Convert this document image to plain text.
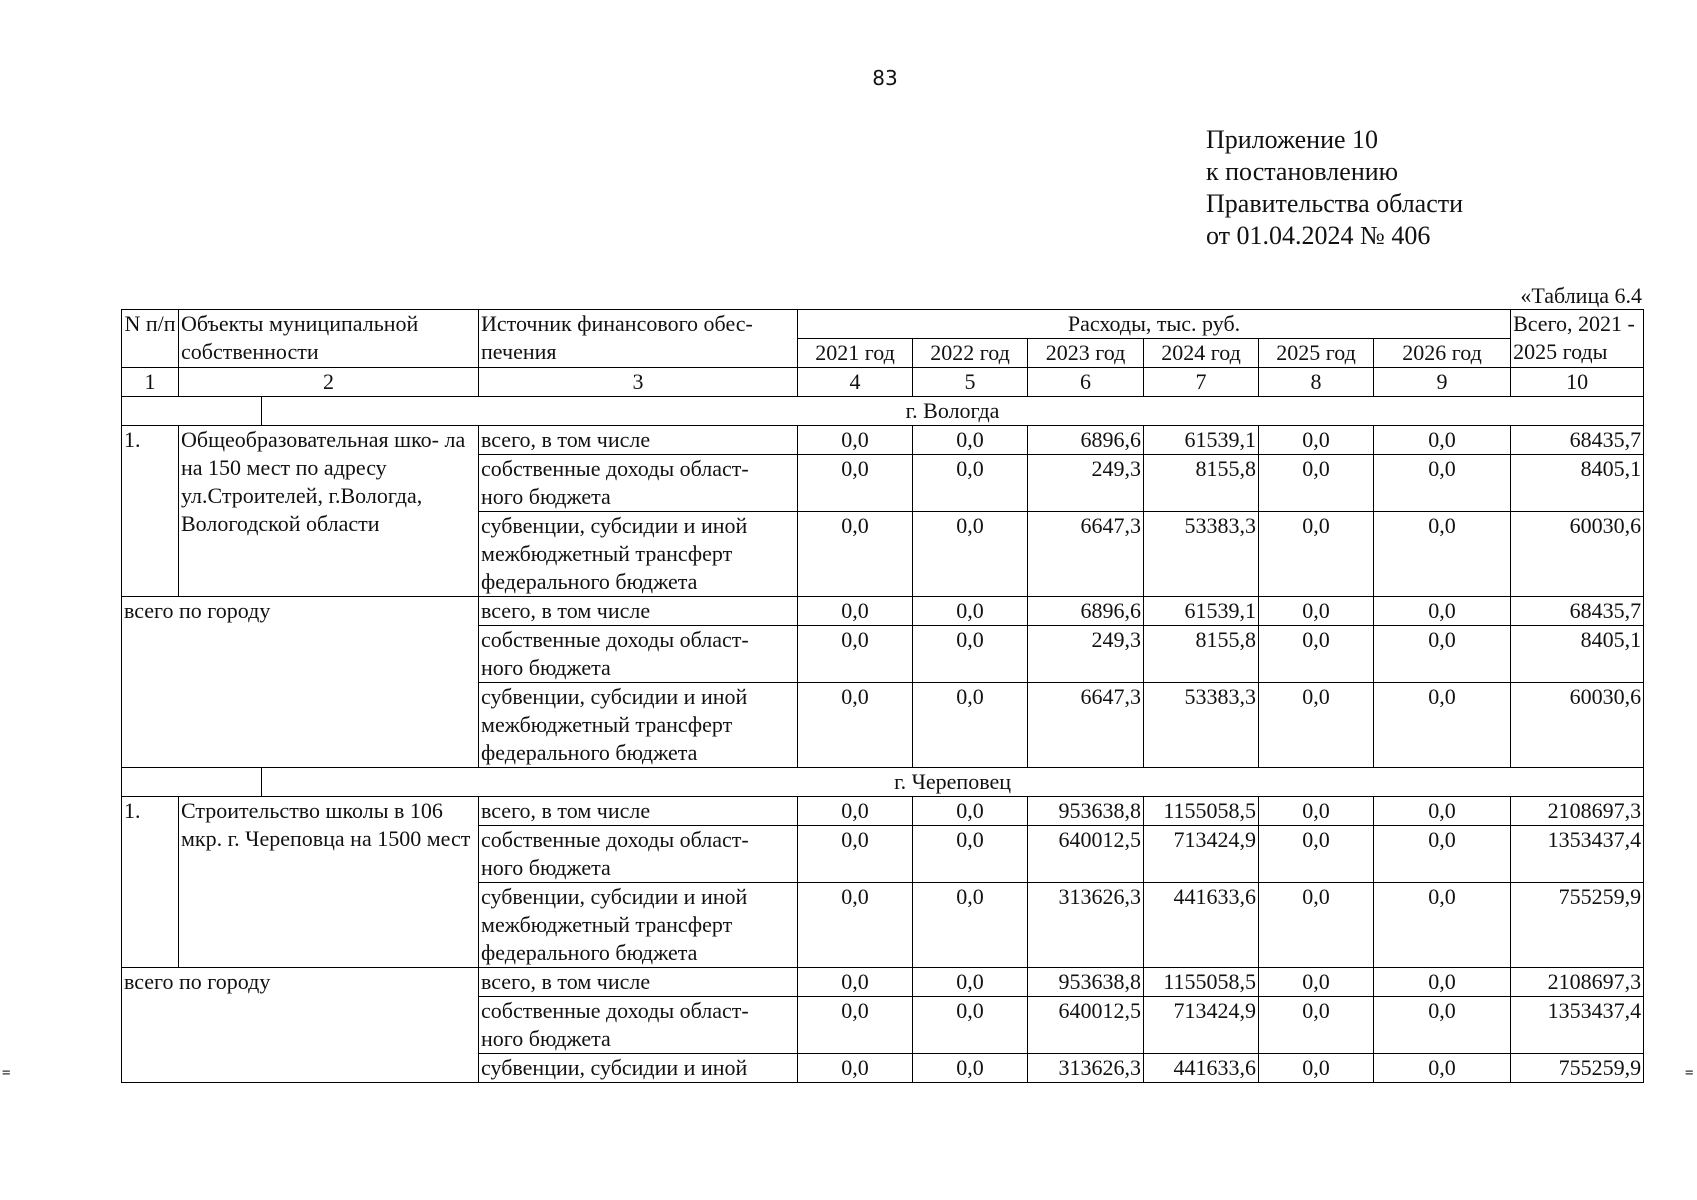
83
Приложение 10
к постановлению
Правительства области
от 01.04.2024 № 406
«Таблица 6.4
N п/п	Объекты муниципальной собственности		Источник финансового обес- печения	Расходы, тыс. руб.						Всего, 2021 - 2025 годы
				2021 год	2022 год	2023 год	2024 год	2025 год	2026 год	
1	2		3	4	5	6	7	8	9	10
		г. Вологда								
1.	Общеобразовательная шко- ла на 150 мест по адресу ул.Строителей, г.Вологда, Вологодской области		всего, в том числе	0,0	0,0	6896,6	61539,1	0,0	0,0	68435,7
			собственные доходы област- ного бюджета	0,0	0,0	249,3	8155,8	0,0	0,0	8405,1
			субвенции, субсидии и иной межбюджетный трансферт федерального бюджета	0,0	0,0	6647,3	53383,3	0,0	0,0	60030,6
всего по городу			всего, в том числе	0,0	0,0	6896,6	61539,1	0,0	0,0	68435,7
			собственные доходы област- ного бюджета	0,0	0,0	249,3	8155,8	0,0	0,0	8405,1
			субвенции, субсидии и иной межбюджетный трансферт федерального бюджета	0,0	0,0	6647,3	53383,3	0,0	0,0	60030,6
		г. Череповец								
1.	Строительство школы в 106 мкр. г. Череповца на 1500 мест		всего, в том числе	0,0	0,0	953638,8	1155058,5	0,0	0,0	2108697,3
			собственные доходы област- ного бюджета	0,0	0,0	640012,5	713424,9	0,0	0,0	1353437,4
			субвенции, субсидии и иной межбюджетный трансферт федерального бюджета	0,0	0,0	313626,3	441633,6	0,0	0,0	755259,9
всего по городу			всего, в том числе	0,0	0,0	953638,8	1155058,5	0,0	0,0	2108697,3
			собственные доходы област- ного бюджета	0,0	0,0	640012,5	713424,9	0,0	0,0	1353437,4
			субвенции, субсидии и иной	0,0	0,0	313626,3	441633,6	0,0	0,0	755259,9
=	=
